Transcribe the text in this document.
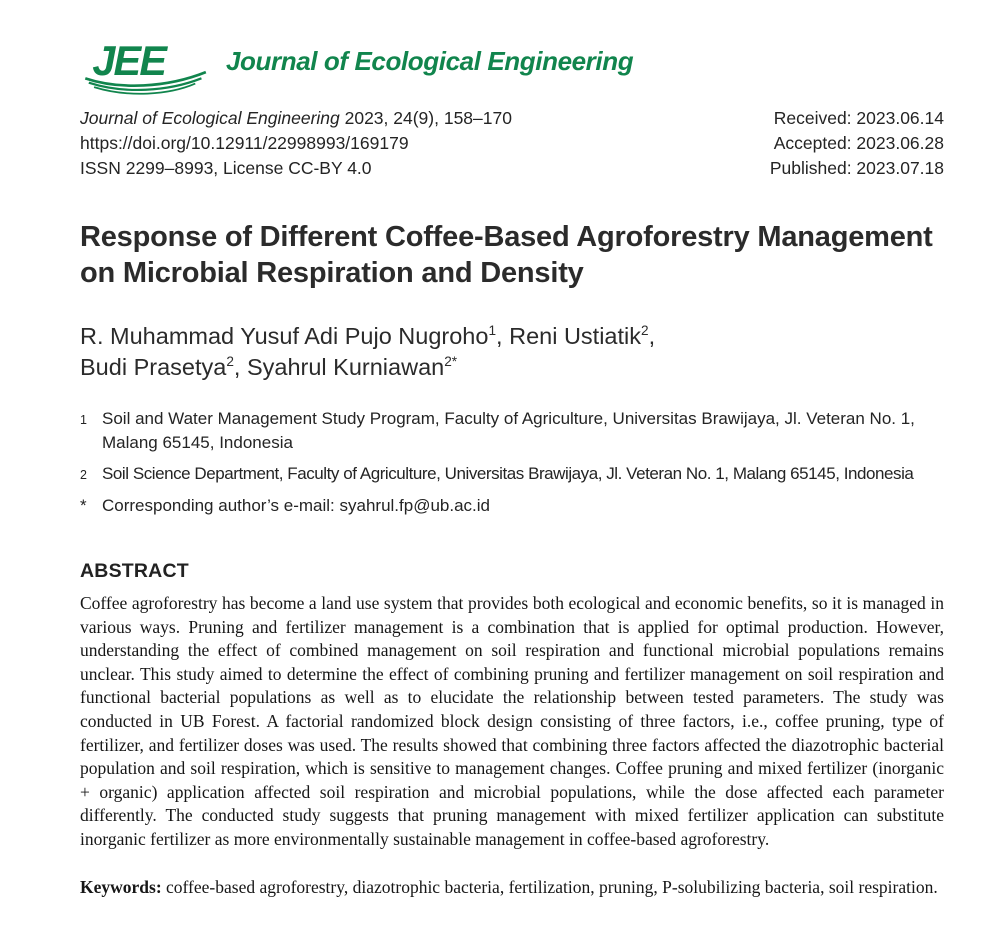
JEE Journal of Ecological Engineering
Journal of Ecological Engineering 2023, 24(9), 158–170
https://doi.org/10.12911/22998993/169179
ISSN 2299–8993, License CC-BY 4.0
Received: 2023.06.14
Accepted: 2023.06.28
Published: 2023.07.18
Response of Different Coffee-Based Agroforestry Management
on Microbial Respiration and Density
R. Muhammad Yusuf Adi Pujo Nugroho$^1$, Reni Ustiatik$^2$,
Budi Prasetya$^2$, Syahrul Kurniawan$^{2*}$
1 Soil and Water Management Study Program, Faculty of Agriculture, Universitas Brawijaya, Jl. Veteran No. 1, Malang 65145, Indonesia
2 Soil Science Department, Faculty of Agriculture, Universitas Brawijaya, Jl. Veteran No. 1, Malang 65145, Indonesia
* Corresponding author’s e-mail: syahrul.fp@ub.ac.id
ABSTRACT

Coffee agroforestry has become a land use system that provides both ecological and economic benefits, so it is managed in various ways. Pruning and fertilizer management is a combination that is applied for optimal production. However, understanding the effect of combined management on soil respiration and functional microbial populations remains unclear. This study aimed to determine the effect of combining pruning and fertilizer management on soil respiration and functional bacterial populations as well as to elucidate the relationship between tested parameters. The study was conducted in UB Forest. A factorial randomized block design consisting of three factors, i.e., coffee pruning, type of fertilizer, and fertilizer doses was used. The results showed that combining three factors affected the diazotrophic bacterial population and soil respiration, which is sensitive to management changes. Coffee pruning and mixed fertilizer (inorganic + organic) application affected soil respiration and microbial populations, while the dose affected each parameter differently. The conducted study suggests that pruning management with mixed fertilizer application can substitute inorganic fertilizer as more environmentally sustainable management in coffee-based agroforestry.

Keywords: coffee-based agroforestry, diazotrophic bacteria, fertilization, pruning, P-solubilizing bacteria, soil respiration.
